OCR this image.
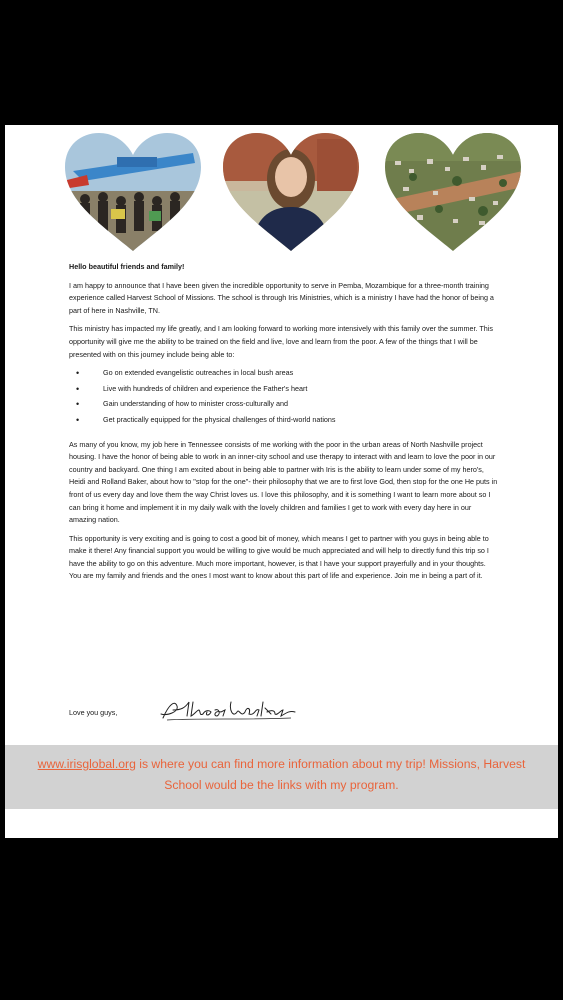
Hello beautiful friends and family!

I am happy to announce that I have been given the incredible opportunity to serve in Pemba, Mozambique for a three-month training experience called Harvest School of Missions. The school is through Iris Ministries, which is a ministry I have had the honor of being a part of here in Nashville, TN.

This ministry has impacted my life greatly, and I am looking forward to working more intensively with this family over the summer. This opportunity will give me the ability to be trained on the field and live, love and learn from the poor. A few of the things that I will be presented with on this journey include being able to:

•	Go on extended evangelistic outreaches in local bush areas
•	Live with hundreds of children and experience the Father's heart
•	Gain understanding of how to minister cross-culturally and
•	Get practically equipped for the physical challenges of third-world nations

As many of you know, my job here in Tennessee consists of me working with the poor in the urban areas of North Nashville project housing. I have the honor of being able to work in an inner-city school and use therapy to interact with and learn to love the poor in our country and backyard. One thing I am excited about in being able to partner with Iris is the ability to learn under some of my hero's, Heidi and Rolland Baker, about how to "stop for the one"- their philosophy that we are to first love God, then stop for the one He puts in front of us every day and love them the way Christ loves us. I love this philosophy, and it is something I want to learn more about so I can bring it home and implement it in my daily walk with the lovely children and families I get to work with every day here in our amazing nation.

This opportunity is very exciting and is going to cost a good bit of money, which means I get to partner with you guys in being able to make it there! Any financial support you would be willing to give would be much appreciated and will help to directly fund this trip so I have the ability to go on this adventure. Much more important, however, is that I have your support prayerfully and in your thoughts. You are my family and friends and the ones I most want to know about this part of life and experience. Join me in being a part of it.

Love you guys,
www.irisglobal.org is where you can find more information about my trip! Missions, Harvest School would be the links with my program.
